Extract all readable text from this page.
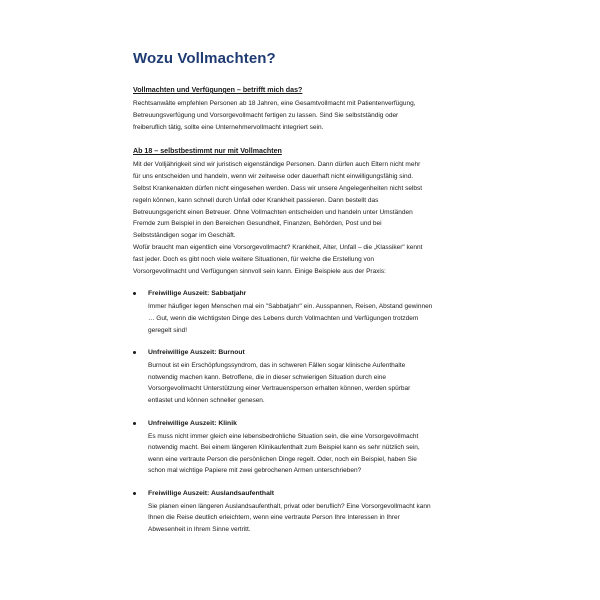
Wozu Vollmachten?
Vollmachten und Verfügungen – betrifft mich das?

Rechtsanwälte empfehlen Personen ab 18 Jahren, eine Gesamtvollmacht mit Patientenverfügung,
Betreuungsverfügung und Vorsorgevollmacht fertigen zu lassen. Sind Sie selbstständig oder
freiberuflich tätig, sollte eine Unternehmervollmacht integriert sein.

Ab 18 – selbstbestimmt nur mit Vollmachten

Mit der Volljährigkeit sind wir juristisch eigenständige Personen. Dann dürfen auch Eltern nicht mehr
für uns entscheiden und handeln, wenn wir zeitweise oder dauerhaft nicht einwilligungsfähig sind.
Selbst Krankenakten dürfen nicht eingesehen werden. Dass wir unsere Angelegenheiten nicht selbst
regeln können, kann schnell durch Unfall oder Krankheit passieren. Dann bestellt das
Betreuungsgericht einen Betreuer. Ohne Vollmachten entscheiden und handeln unter Umständen
Fremde zum Beispiel in den Bereichen Gesundheit, Finanzen, Behörden, Post und bei
Selbstständigen sogar im Geschäft.
Wofür braucht man eigentlich eine Vorsorgevollmacht? Krankheit, Alter, Unfall – die „Klassiker" kennt
fast jeder. Doch es gibt noch viele weitere Situationen, für welche die Erstellung von
Vorsorgevollmacht und Verfügungen sinnvoll sein kann. Einige Beispiele aus der Praxis:

Freiwillige Auszeit: Sabbatjahr

Immer häufiger legen Menschen mal ein "Sabbatjahr" ein. Ausspannen, Reisen, Abstand gewinnen
… Gut, wenn die wichtigsten Dinge des Lebens durch Vollmachten und Verfügungen trotzdem
geregelt sind!

Unfreiwillige Auszeit: Burnout

Burnout ist ein Erschöpfungssyndrom, das in schweren Fällen sogar klinische Aufenthalte
notwendig machen kann. Betroffene, die in dieser schwierigen Situation durch eine
Vorsorgevollmacht Unterstützung einer Vertrauensperson erhalten können, werden spürbar
entlastet und können schneller genesen.

Unfreiwillige Auszeit: Klinik

Es muss nicht immer gleich eine lebensbedrohliche Situation sein, die eine Vorsorgevollmacht
notwendig macht. Bei einem längeren Klinikaufenthalt zum Beispiel kann es sehr nützlich sein,
wenn eine vertraute Person die persönlichen Dinge regelt. Oder, noch ein Beispiel, haben Sie
schon mal wichtige Papiere mit zwei gebrochenen Armen unterschrieben?

Freiwillige Auszeit: Auslandsaufenthalt

Sie planen einen längeren Auslandsaufenthalt, privat oder beruflich? Eine Vorsorgevollmacht kann
Ihnen die Reise deutlich erleichtern, wenn eine vertraute Person Ihre Interessen in Ihrer
Abwesenheit in Ihrem Sinne vertritt.
